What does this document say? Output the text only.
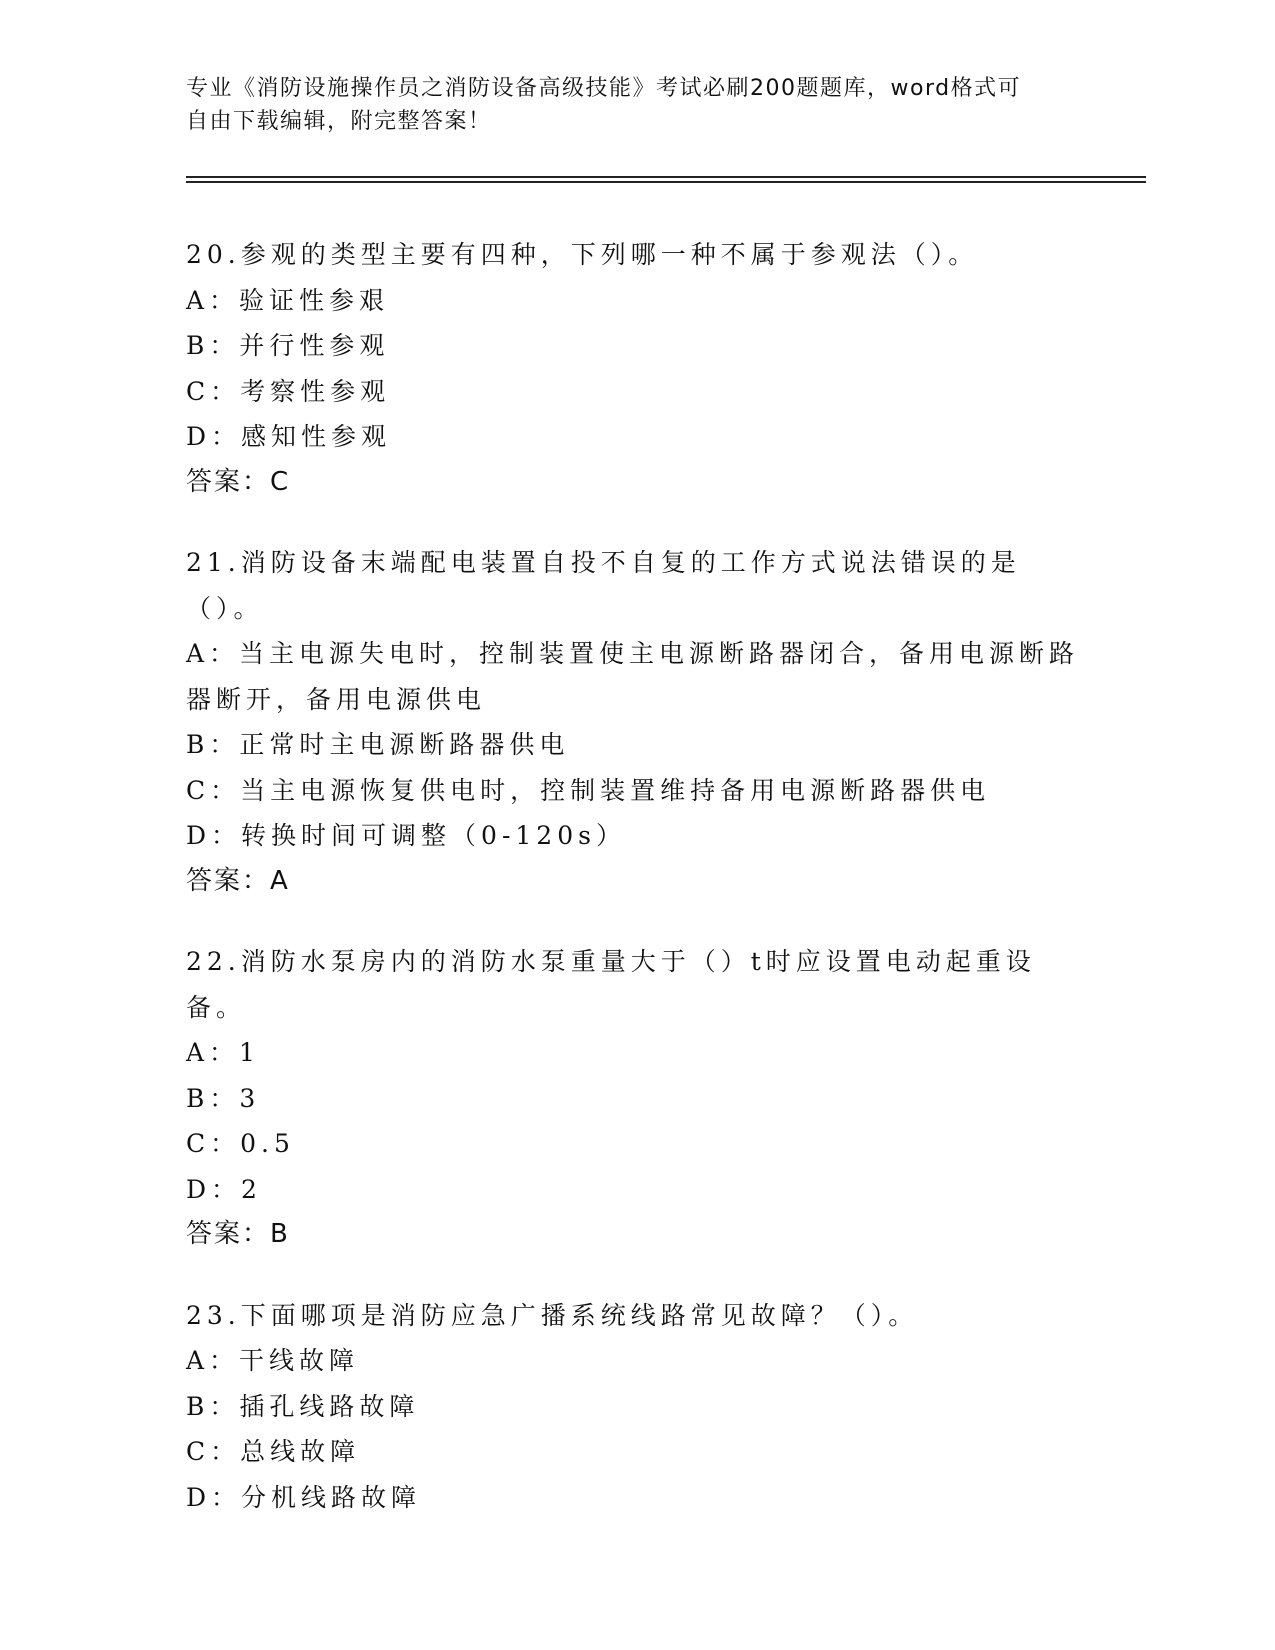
专业《消防设施操作员之消防设备高级技能》考试必刷200题题库，word格式可
自由下载编辑，附完整答案！
20.参观的类型主要有四种，下列哪一种不属于参观法（）。
A：验证性参艰
B：并行性参观
C：考察性参观
D：感知性参观
答案：C
21.消防设备末端配电装置自投不自复的工作方式说法错误的是（）。
A：当主电源失电时，控制装置使主电源断路器闭合，备用电源断路器断开，备用电源供电
B：正常时主电源断路器供电
C：当主电源恢复供电时，控制装置维持备用电源断路器供电
D：转换时间可调整（0-120s）
答案：A
22.消防水泵房内的消防水泵重量大于（）t时应设置电动起重设备。
A：1
B：3
C：0.5
D：2
答案：B
23.下面哪项是消防应急广播系统线路常见故障？（）。
A：干线故障
B：插孔线路故障
C：总线故障
D：分机线路故障
